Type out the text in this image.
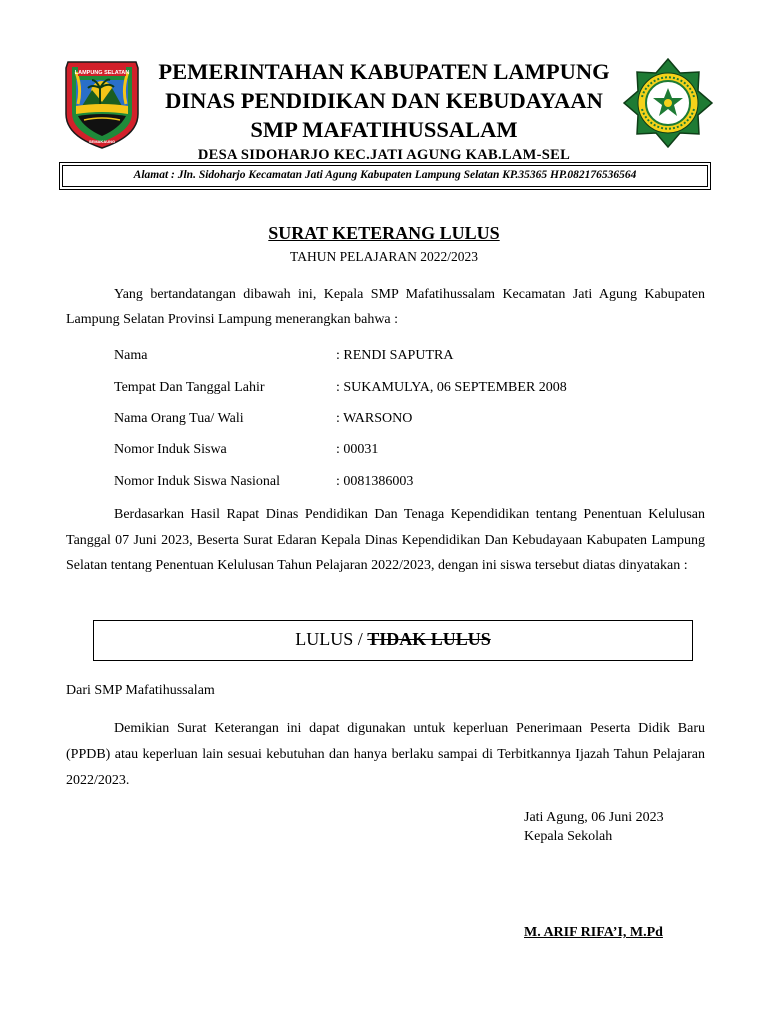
LAMPUNG SELATAN
SEMAKAUNG
PEMERINTAHAN KABUPATEN LAMPUNG
DINAS PENDIDIKAN DAN KEBUDAYAAN
SMP MAFATIHUSSALAM
DESA SIDOHARJO KEC.JATI AGUNG KAB.LAM-SEL
Alamat : Jln. Sidoharjo Kecamatan Jati Agung Kabupaten Lampung Selatan KP.35365 HP.082176536564
SURAT KETERANG LULUS
TAHUN PELAJARAN 2022/2023
Yang bertandatangan dibawah ini, Kepala SMP Mafatihussalam Kecamatan Jati Agung Kabupaten Lampung Selatan Provinsi Lampung menerangkan bahwa :
Nama	: RENDI SAPUTRA
Tempat Dan Tanggal Lahir	: SUKAMULYA, 06 SEPTEMBER 2008
Nama Orang Tua/ Wali	: WARSONO
Nomor Induk Siswa	: 00031
Nomor Induk Siswa Nasional	: 0081386003
Berdasarkan Hasil Rapat Dinas Pendidikan Dan Tenaga Kependidikan tentang Penentuan Kelulusan Tanggal 07 Juni 2023, Beserta Surat Edaran Kepala Dinas Kependidikan Dan Kebudayaan Kabupaten Lampung Selatan tentang Penentuan Kelulusan Tahun Pelajaran 2022/2023, dengan ini siswa tersebut diatas dinyatakan :
LULUS / TIDAK LULUS
Dari SMP Mafatihussalam
Demikian Surat Keterangan ini dapat digunakan untuk keperluan Penerimaan Peserta Didik Baru (PPDB) atau keperluan lain sesuai kebutuhan dan hanya berlaku sampai di Terbitkannya Ijazah Tahun Pelajaran 2022/2023.
Jati Agung, 06 Juni 2023
Kepala Sekolah
M. ARIF RIFA’I, M.Pd
